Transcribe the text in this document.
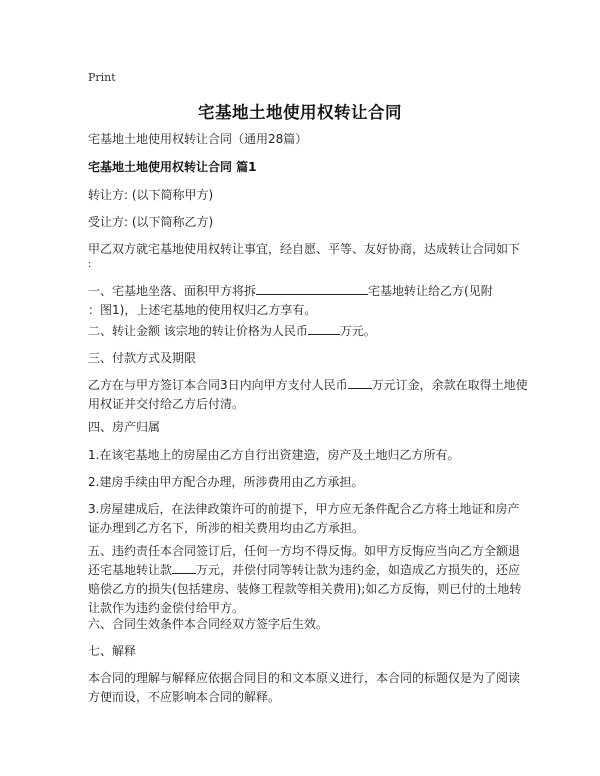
Print
宅基地土地使用权转让合同

宅基地土地使用权转让合同（通用28篇）

宅基地土地使用权转让合同 篇1

转让方: (以下简称甲方)

受让方: (以下简称乙方)

甲乙双方就宅基地使用权转让事宜，经自愿、平等、友好协商，达成转让合同如下
:
一、宅基地坐落、面积甲方将拆	宅基地转让给乙方(见附
：图1)，上述宅基地的使用权归乙方享有。
二、转让金额 该宗地的转让价格为人民币	万元。

三、付款方式及期限

乙方在与甲方签订本合同3日内向甲方支付人民币 万元订金，余款在取得土地使
用权证并交付给乙方后付清。

四、房产归属

1.在该宅基地上的房屋由乙方自行出资建造，房产及土地归乙方所有。

2.建房手续由甲方配合办理，所涉费用由乙方承担。

3.房屋建成后，在法律政策许可的前提下，甲方应无条件配合乙方将土地证和房产
证办理到乙方名下，所涉的相关费用均由乙方承担。
五、违约责任本合同签订后，任何一方均不得反悔。如甲方反悔应当向乙方全额退
还宅基地转让款 万元，并偿付同等转让款为违约金，如造成乙方损失的，还应
赔偿乙方的损失(包括建房、装修工程款等相关费用);如乙方反悔，则已付的土地转
让款作为违约金偿付给甲方。

六、合同生效条件本合同经双方签字后生效。

七、解释

本合同的理解与解释应依据合同目的和文本原义进行，本合同的标题仅是为了阅读
方便而设，不应影响本合同的解释。
